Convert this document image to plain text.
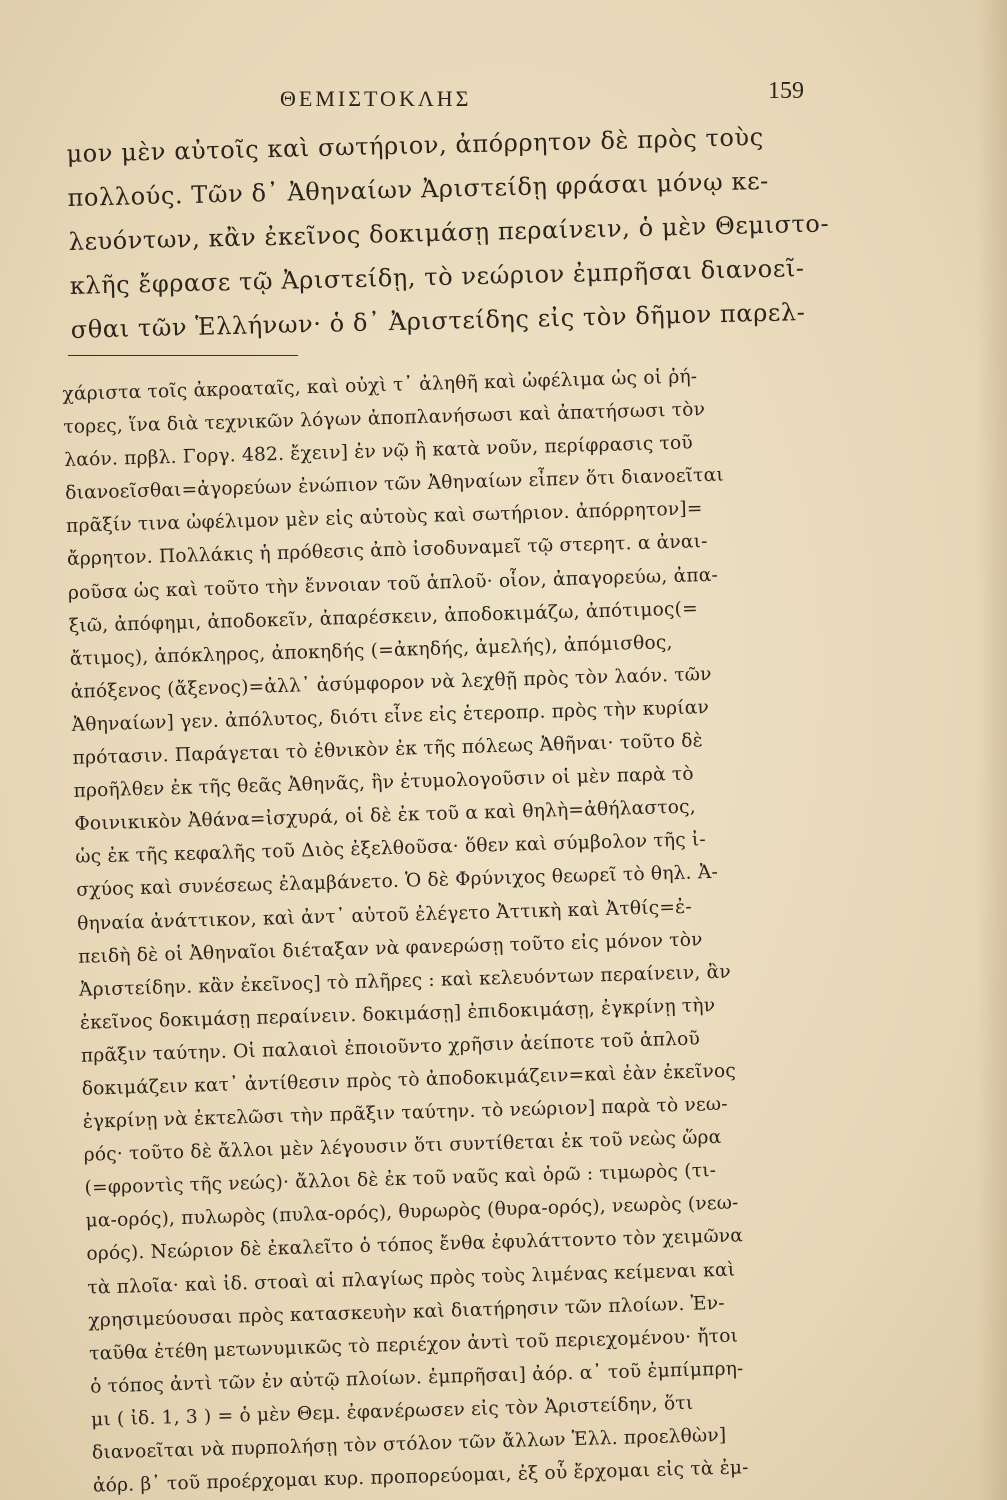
ΘΕΜΙΣΤΟΚΛΗΣ	159
μον μὲν αὐτοῖς καὶ σωτήριον, ἀπόρρητον δὲ πρὸς τοὺς
πολλούς. Τῶν δ᾽ Ἀθηναίων Ἀριστείδῃ φράσαι μόνῳ κε-
λευόντων, κἂν ἐκεῖνος δοκιμάσῃ περαίνειν, ὁ μὲν Θεμιστο-
κλῆς ἔφρασε τῷ Ἀριστείδῃ, τὸ νεώριον ἐμπρῆσαι διανοεῖ-
σθαι τῶν Ἑλλήνων· ὁ δ᾽ Ἀριστείδης εἰς τὸν δῆμον παρελ-
χάριστα τοῖς ἀκροαταῖς, καὶ οὐχὶ τ᾽ ἀληθῆ καὶ ὠφέλιμα ὡς οἱ ῥή-
τορες, ἵνα διὰ τεχνικῶν λόγων ἀποπλανήσωσι καὶ ἀπατήσωσι τὸν
λαόν. πρβλ. Γοργ. 482. ἔχειν] ἐν νῷ ἢ κατὰ νοῦν, περίφρασις τοῦ
διανοεῖσθαι=ἀγορεύων ἐνώπιον τῶν Ἀθηναίων εἶπεν ὅτι διανοεῖται
πρᾶξίν τινα ὠφέλιμον μὲν εἰς αὐτοὺς καὶ σωτήριον. ἀπόρρητον]=
ἄρρητον. Πολλάκις ἡ πρόθεσις ἀπὸ ἰσοδυναμεῖ τῷ στερητ. α ἀναι-
ροῦσα ὡς καὶ τοῦτο τὴν ἔννοιαν τοῦ ἁπλοῦ· οἷον, ἀπαγορεύω, ἀπα-
ξιῶ, ἀπόφημι, ἀποδοκεῖν, ἀπαρέσκειν, ἀποδοκιμάζω, ἀπότιμος(=
ἄτιμος), ἀπόκληρος, ἀποκηδής (=ἀκηδής, ἀμελής), ἀπόμισθος,
ἀπόξενος (ἄξενος)=ἀλλ᾽ ἀσύμφορον νὰ λεχθῇ πρὸς τὸν λαόν. τῶν
Ἀθηναίων] γεν. ἀπόλυτος, διότι εἶνε εἰς ἑτεροπρ. πρὸς τὴν κυρίαν
πρότασιν. Παράγεται τὸ ἐθνικὸν ἐκ τῆς πόλεως Ἀθῆναι· τοῦτο δὲ
προῆλθεν ἐκ τῆς θεᾶς Ἀθηνᾶς, ἣν ἐτυμολογοῦσιν οἱ μὲν παρὰ τὸ
Φοινικικὸν Ἀθάνα=ἰσχυρά, οἱ δὲ ἐκ τοῦ α καὶ θηλὴ=ἀθήλαστος,
ὡς ἐκ τῆς κεφαλῆς τοῦ Διὸς ἐξελθοῦσα· ὅθεν καὶ σύμβολον τῆς ἰ-
σχύος καὶ συνέσεως ἐλαμβάνετο. Ὁ δὲ Φρύνιχος θεωρεῖ τὸ θηλ. Ἀ-
θηναία ἀνάττικον, καὶ ἀντ᾽ αὐτοῦ ἐλέγετο Ἀττικὴ καὶ Ἀτθίς=ἐ-
πειδὴ δὲ οἱ Ἀθηναῖοι διέταξαν νὰ φανερώσῃ τοῦτο εἰς μόνον τὸν
Ἀριστείδην. κἂν ἐκεῖνος] τὸ πλῆρες : καὶ κελευόντων περαίνειν, ἂν
ἐκεῖνος δοκιμάσῃ περαίνειν. δοκιμάσῃ] ἐπιδοκιμάσῃ, ἐγκρίνῃ τὴν
πρᾶξιν ταύτην. Οἱ παλαιοὶ ἐποιοῦντο χρῆσιν ἀείποτε τοῦ ἁπλοῦ
δοκιμάζειν κατ᾽ ἀντίθεσιν πρὸς τὸ ἀποδοκιμάζειν=καὶ ἐὰν ἐκεῖνος
ἐγκρίνῃ νὰ ἐκτελῶσι τὴν πρᾶξιν ταύτην. τὸ νεώριον] παρὰ τὸ νεω-
ρός· τοῦτο δὲ ἄλλοι μὲν λέγουσιν ὅτι συντίθεται ἐκ τοῦ νεὼς ὥρα
(=φροντὶς τῆς νεώς)· ἄλλοι δὲ ἐκ τοῦ ναῦς καὶ ὁρῶ : τιμωρὸς (τι-
μα-ορός), πυλωρὸς (πυλα-ορός), θυρωρὸς (θυρα-ορός), νεωρὸς (νεω-
ορός). Νεώριον δὲ ἐκαλεῖτο ὁ τόπος ἔνθα ἐφυλάττοντο τὸν χειμῶνα
τὰ πλοῖα· καὶ ἰδ. στοαὶ αἱ πλαγίως πρὸς τοὺς λιμένας κείμεναι καὶ
χρησιμεύουσαι πρὸς κατασκευὴν καὶ διατήρησιν τῶν πλοίων. Ἐν-
ταῦθα ἐτέθη μετωνυμικῶς τὸ περιέχον ἀντὶ τοῦ περιεχομένου· ἤτοι
ὁ τόπος ἀντὶ τῶν ἐν αὐτῷ πλοίων. ἐμπρῆσαι] ἀόρ. α᾽ τοῦ ἐμπίμπρη-
μι ( ἰδ. 1, 3 ) = ὁ μὲν Θεμ. ἐφανέρωσεν εἰς τὸν Ἀριστείδην, ὅτι
διανοεῖται νὰ πυρπολήσῃ τὸν στόλον τῶν ἄλλων Ἑλλ. προελθὼν]
ἀόρ. β᾽ τοῦ προέρχομαι κυρ. προπορεύομαι, ἐξ οὗ ἔρχομαι εἰς τὰ ἐμ-
